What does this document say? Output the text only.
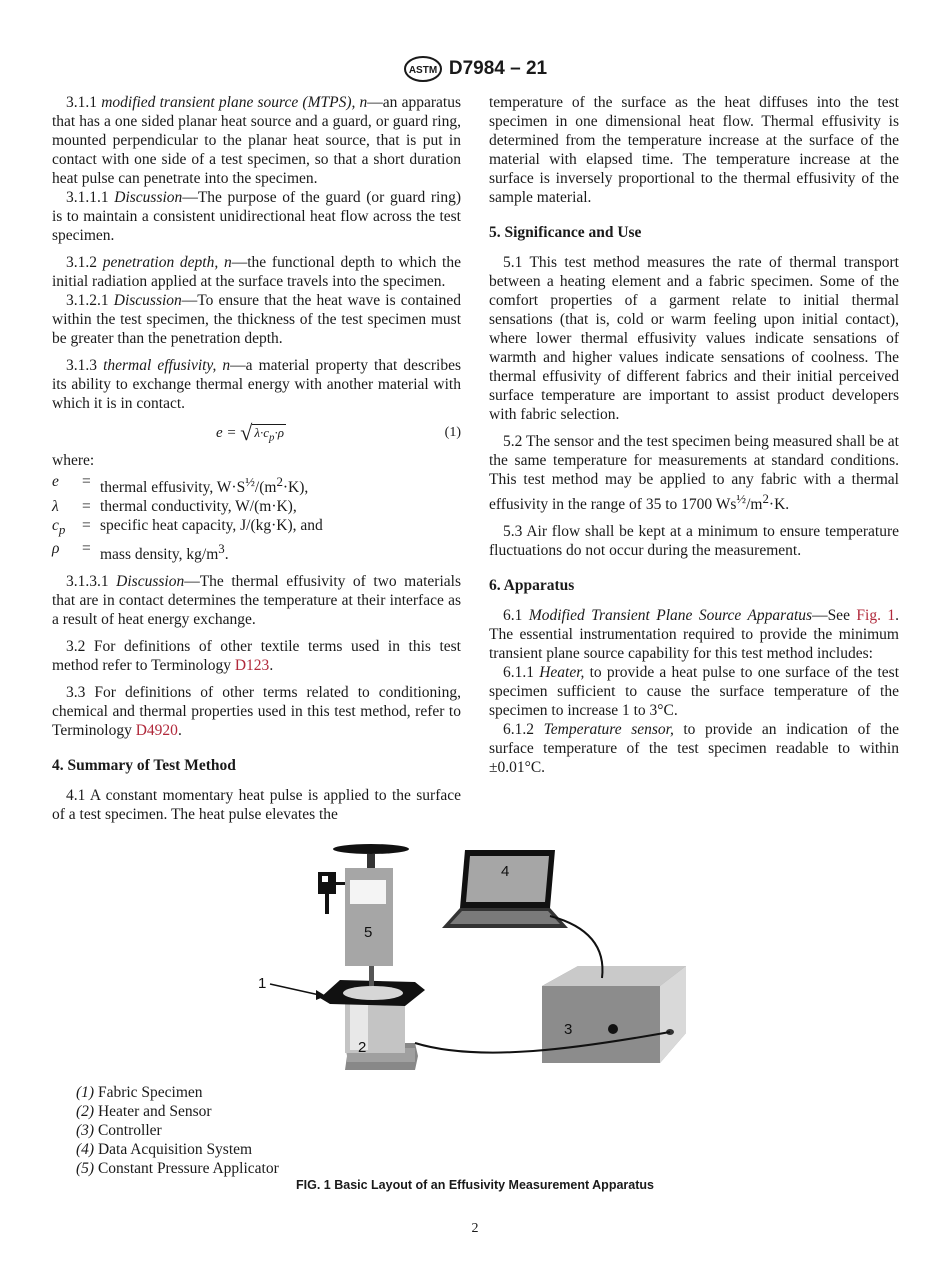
ASTM D7984 – 21

3.1.1 modified transient plane source (MTPS), n—an apparatus that has a one sided planar heat source and a guard, or guard ring, mounted perpendicular to the planar heat source, that is put in contact with one side of a test specimen, so that a short duration heat pulse can penetrate into the specimen.

3.1.1.1 Discussion—The purpose of the guard (or guard ring) is to maintain a consistent unidirectional heat flow across the test specimen.

3.1.2 penetration depth, n—the functional depth to which the initial radiation applied at the surface travels into the specimen.

3.1.2.1 Discussion—To ensure that the heat wave is contained within the test specimen, the thickness of the test specimen must be greater than the penetration depth.

3.1.3 thermal effusivity, n—a material property that describes its ability to exchange thermal energy with another material with which it is in contact.

e = √ $\lambda\cdot c_p\cdot\rho$	(1)

where:

e	=	thermal effusivity, $W\cdot S^{\frac{1}{2}}/(m^2\cdot K)$,
λ	=	thermal conductivity, W/(m·K),
$c_p$	=	specific heat capacity, J/(kg·K), and
ρ	=	mass density, $kg/m^3$.

3.1.3.1 Discussion—The thermal effusivity of two materials that are in contact determines the temperature at their interface as a result of heat energy exchange.

3.2 For definitions of other textile terms used in this test method refer to Terminology D123.

3.3 For definitions of other terms related to conditioning, chemical and thermal properties used in this test method, refer to Terminology D4920.

4. Summary of Test Method

4.1 A constant momentary heat pulse is applied to the surface of a test specimen. The heat pulse elevates the

temperature of the surface as the heat diffuses into the test specimen in one dimensional heat flow. Thermal effusivity is determined from the temperature increase at the surface of the material with elapsed time. The temperature increase at the surface is inversely proportional to the thermal effusivity of the sample material.

5. Significance and Use

5.1 This test method measures the rate of thermal transport between a heating element and a fabric specimen. Some of the comfort properties of a garment relate to initial thermal sensations (that is, cold or warm feeling upon initial contact), where lower thermal effusivity values indicate sensations of warmth and higher values indicate sensations of coolness. The thermal effusivity of different fabrics and their initial perceived surface temperature are important to assist product developers with fabric selection.

5.2 The sensor and the test specimen being measured shall be at the same temperature for measurements at standard conditions. This test method may be applied to any fabric with a thermal effusivity in the range of 35 to 1700 $Ws^{\frac{1}{2}}/m^2\cdot K$.

5.3 Air flow shall be kept at a minimum to ensure temperature fluctuations do not occur during the measurement.

6. Apparatus

6.1 Modified Transient Plane Source Apparatus—See Fig. 1. The essential instrumentation required to provide the minimum transient plane source capability for this test method includes:

6.1.1 Heater, to provide a heat pulse to one surface of the test specimen sufficient to cause the surface temperature of the specimen to increase 1 to 3°C.

6.1.2 Temperature sensor, to provide an indication of the surface temperature of the test specimen readable to within ±0.01°C.

1
2
3
4
5
(1) Fabric Specimen
(2) Heater and Sensor
(3) Controller
(4) Data Acquisition System
(5) Constant Pressure Applicator
FIG. 1 Basic Layout of an Effusivity Measurement Apparatus
2
